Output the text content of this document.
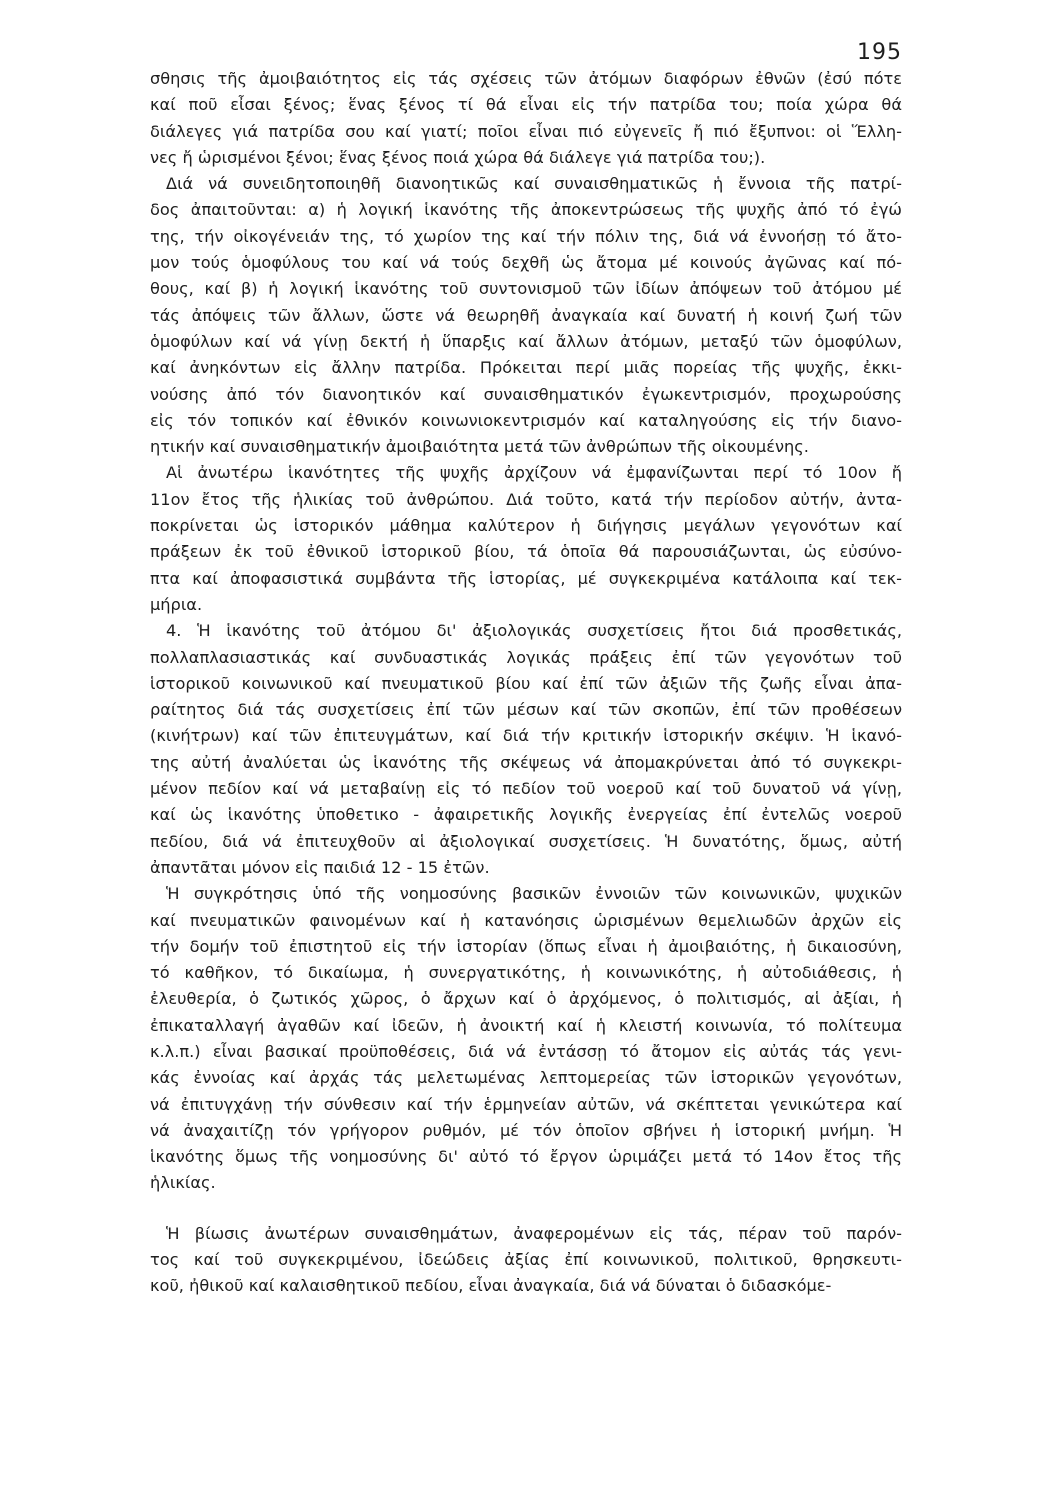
195
σθησις τῆς ἀμοιβαιότητος εἰς τάς σχέσεις τῶν ἀτόμων διαφόρων ἐθνῶν (ἐσύ πότε
καί ποῦ εἶσαι ξένος; ἕνας ξένος τί θά εἶναι εἰς τήν πατρίδα του; ποία χώρα θά
διάλεγες γιά πατρίδα σου καί γιατί; ποῖοι εἶναι πιό εὐγενεῖς ἤ πιό ἔξυπνοι: οἱ Ἕλλη-
νες ἤ ὡρισμένοι ξένοι; ἕνας ξένος ποιά χώρα θά διάλεγε γιά πατρίδα του;).
Διά νά συνειδητοποιηθῆ διανοητικῶς καί συναισθηματικῶς ἡ ἔννοια τῆς πατρί-
δος ἀπαιτοῦνται: α) ἡ λογική ἱκανότης τῆς ἀποκεντρώσεως τῆς ψυχῆς ἀπό τό ἐγώ
της, τήν οἰκογένειάν της, τό χωρίον της καί τήν πόλιν της, διά νά ἐννοήσῃ τό ἄτο-
μον τούς ὁμοφύλους του καί νά τούς δεχθῆ ὡς ἄτομα μέ κοινούς ἀγῶνας καί πό-
θους, καί β) ἡ λογική ἱκανότης τοῦ συντονισμοῦ τῶν ἰδίων ἀπόψεων τοῦ ἀτόμου μέ
τάς ἀπόψεις τῶν ἄλλων, ὥστε νά θεωρηθῆ ἀναγκαία καί δυνατή ἡ κοινή ζωή τῶν
ὁμοφύλων καί νά γίνῃ δεκτή ἡ ὕπαρξις καί ἄλλων ἀτόμων, μεταξύ τῶν ὁμοφύλων,
καί ἀνηκόντων εἰς ἄλλην πατρίδα. Πρόκειται περί μιᾶς πορείας τῆς ψυχῆς, ἐκκι-
νούσης ἀπό τόν διανοητικόν καί συναισθηματικόν ἐγωκεντρισμόν, προχωρούσης
εἰς τόν τοπικόν καί ἐθνικόν κοινωνιοκεντρισμόν καί καταληγούσης εἰς τήν διανο-
ητικήν καί συναισθηματικήν ἀμοιβαιότητα μετά τῶν ἀνθρώπων τῆς οἰκουμένης.
Αἱ ἀνωτέρω ἱκανότητες τῆς ψυχῆς ἀρχίζουν νά ἐμφανίζωνται περί τό 10ον ἤ
11ον ἔτος τῆς ἡλικίας τοῦ ἀνθρώπου. Διά τοῦτο, κατά τήν περίοδον αὐτήν, ἀντα-
ποκρίνεται ὡς ἱστορικόν μάθημα καλύτερον ἡ διήγησις μεγάλων γεγονότων καί
πράξεων ἐκ τοῦ ἐθνικοῦ ἱστορικοῦ βίου, τά ὁποῖα θά παρουσιάζωνται, ὡς εὐσύνο-
πτα καί ἀποφασιστικά συμβάντα τῆς ἱστορίας, μέ συγκεκριμένα κατάλοιπα καί τεκ-
μήρια.
4. Ἡ ἱκανότης τοῦ ἀτόμου δι' ἀξιολογικάς συσχετίσεις ἤτοι διά προσθετικάς,
πολλαπλασιαστικάς καί συνδυαστικάς λογικάς πράξεις ἐπί τῶν γεγονότων τοῦ
ἱστορικοῦ κοινωνικοῦ καί πνευματικοῦ βίου καί ἐπί τῶν ἀξιῶν τῆς ζωῆς εἶναι ἀπα-
ραίτητος διά τάς συσχετίσεις ἐπί τῶν μέσων καί τῶν σκοπῶν, ἐπί τῶν προθέσεων
(κινήτρων) καί τῶν ἐπιτευγμάτων, καί διά τήν κριτικήν ἱστορικήν σκέψιν. Ἡ ἱκανό-
της αὐτή ἀναλύεται ὡς ἱκανότης τῆς σκέψεως νά ἀπομακρύνεται ἀπό τό συγκεκρι-
μένον πεδίον καί νά μεταβαίνῃ εἰς τό πεδίον τοῦ νοεροῦ καί τοῦ δυνατοῦ νά γίνῃ,
καί ὡς ἱκανότης ὑποθετικο - ἀφαιρετικῆς λογικῆς ἐνεργείας ἐπί ἐντελῶς νοεροῦ
πεδίου, διά νά ἐπιτευχθοῦν αἱ ἀξιολογικαί συσχετίσεις. Ἡ δυνατότης, ὅμως, αὐτή
ἀπαντᾶται μόνον εἰς παιδιά 12 - 15 ἐτῶν.
Ἡ συγκρότησις ὑπό τῆς νοημοσύνης βασικῶν ἐννοιῶν τῶν κοινωνικῶν, ψυχικῶν
καί πνευματικῶν φαινομένων καί ἡ κατανόησις ὡρισμένων θεμελιωδῶν ἀρχῶν εἰς
τήν δομήν τοῦ ἐπιστητοῦ εἰς τήν ἱστορίαν (ὅπως εἶναι ἡ ἀμοιβαιότης, ἡ δικαιοσύνη,
τό καθῆκον, τό δικαίωμα, ἡ συνεργατικότης, ἡ κοινωνικότης, ἡ αὐτοδιάθεσις, ἡ
ἐλευθερία, ὁ ζωτικός χῶρος, ὁ ἄρχων καί ὁ ἀρχόμενος, ὁ πολιτισμός, αἱ ἀξίαι, ἡ
ἐπικαταλλαγή ἀγαθῶν καί ἰδεῶν, ἡ ἀνοικτή καί ἡ κλειστή κοινωνία, τό πολίτευμα
κ.λ.π.) εἶναι βασικαί προϋποθέσεις, διά νά ἐντάσσῃ τό ἄτομον εἰς αὐτάς τάς γενι-
κάς ἐννοίας καί ἀρχάς τάς μελετωμένας λεπτομερείας τῶν ἱστορικῶν γεγονότων,
νά ἐπιτυγχάνῃ τήν σύνθεσιν καί τήν ἑρμηνείαν αὐτῶν, νά σκέπτεται γενικώτερα καί
νά ἀναχαιτίζῃ τόν γρήγορον ρυθμόν, μέ τόν ὁποῖον σβήνει ἡ ἱστορική μνήμη. Ἡ
ἱκανότης ὅμως τῆς νοημοσύνης δι' αὐτό τό ἔργον ὡριμάζει μετά τό 14ον ἔτος τῆς
ἡλικίας.
Ἡ βίωσις ἀνωτέρων συναισθημάτων, ἀναφερομένων εἰς τάς, πέραν τοῦ παρόν-
τος καί τοῦ συγκεκριμένου, ἰδεώδεις ἀξίας ἐπί κοινωνικοῦ, πολιτικοῦ, θρησκευτι-
κοῦ, ἠθικοῦ καί καλαισθητικοῦ πεδίου, εἶναι ἀναγκαία, διά νά δύναται ὁ διδασκόμε-
